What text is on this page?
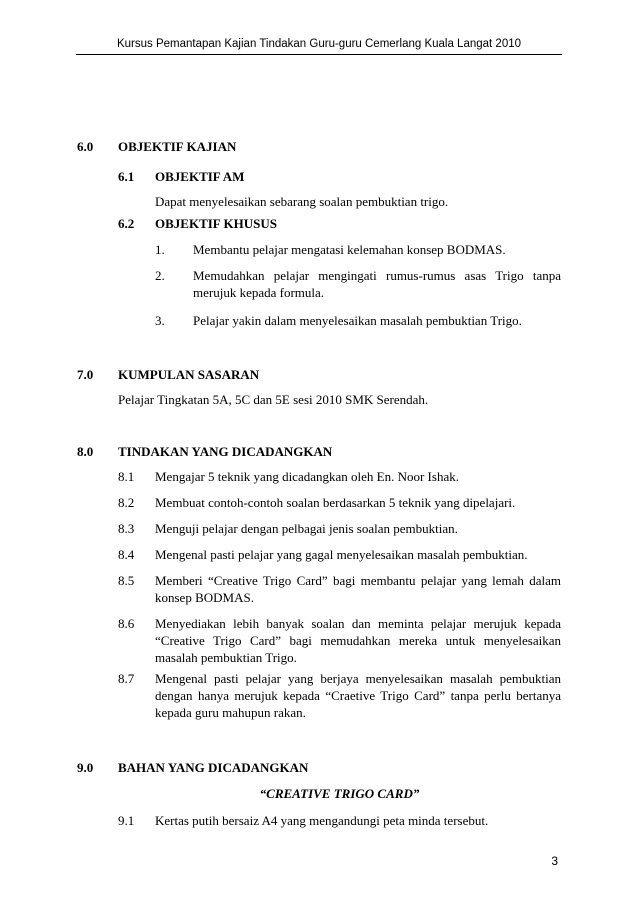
Kursus Pemantapan Kajian Tindakan Guru-guru Cemerlang Kuala Langat 2010
6.0 OBJEKTIF KAJIAN
6.1 OBJEKTIF AM
Dapat menyelesaikan sebarang soalan pembuktian trigo.
6.2 OBJEKTIF KHUSUS
1. Membantu pelajar mengatasi kelemahan konsep BODMAS.
2. Memudahkan pelajar mengingati rumus-rumus asas Trigo tanpa merujuk kepada formula.
3. Pelajar yakin dalam menyelesaikan masalah pembuktian Trigo.
7.0 KUMPULAN SASARAN
Pelajar Tingkatan 5A, 5C dan 5E sesi 2010 SMK Serendah.
8.0 TINDAKAN YANG DICADANGKAN
8.1 Mengajar 5 teknik yang dicadangkan oleh En. Noor Ishak.
8.2 Membuat contoh-contoh soalan berdasarkan 5 teknik yang dipelajari.
8.3 Menguji pelajar dengan pelbagai jenis soalan pembuktian.
8.4 Mengenal pasti pelajar yang gagal menyelesaikan masalah pembuktian.
8.5 Memberi “Creative Trigo Card” bagi membantu pelajar yang lemah dalam konsep BODMAS.
8.6 Menyediakan lebih banyak soalan dan meminta pelajar merujuk kepada “Creative Trigo Card” bagi memudahkan mereka untuk menyelesaikan masalah pembuktian Trigo.
8.7 Mengenal pasti pelajar yang berjaya menyelesaikan masalah pembuktian dengan hanya merujuk kepada “Craetive Trigo Card” tanpa perlu bertanya kepada guru mahupun rakan.
9.0 BAHAN YANG DICADANGKAN
“CREATIVE TRIGO CARD”
9.1 Kertas putih bersaiz A4 yang mengandungi peta minda tersebut.
3
